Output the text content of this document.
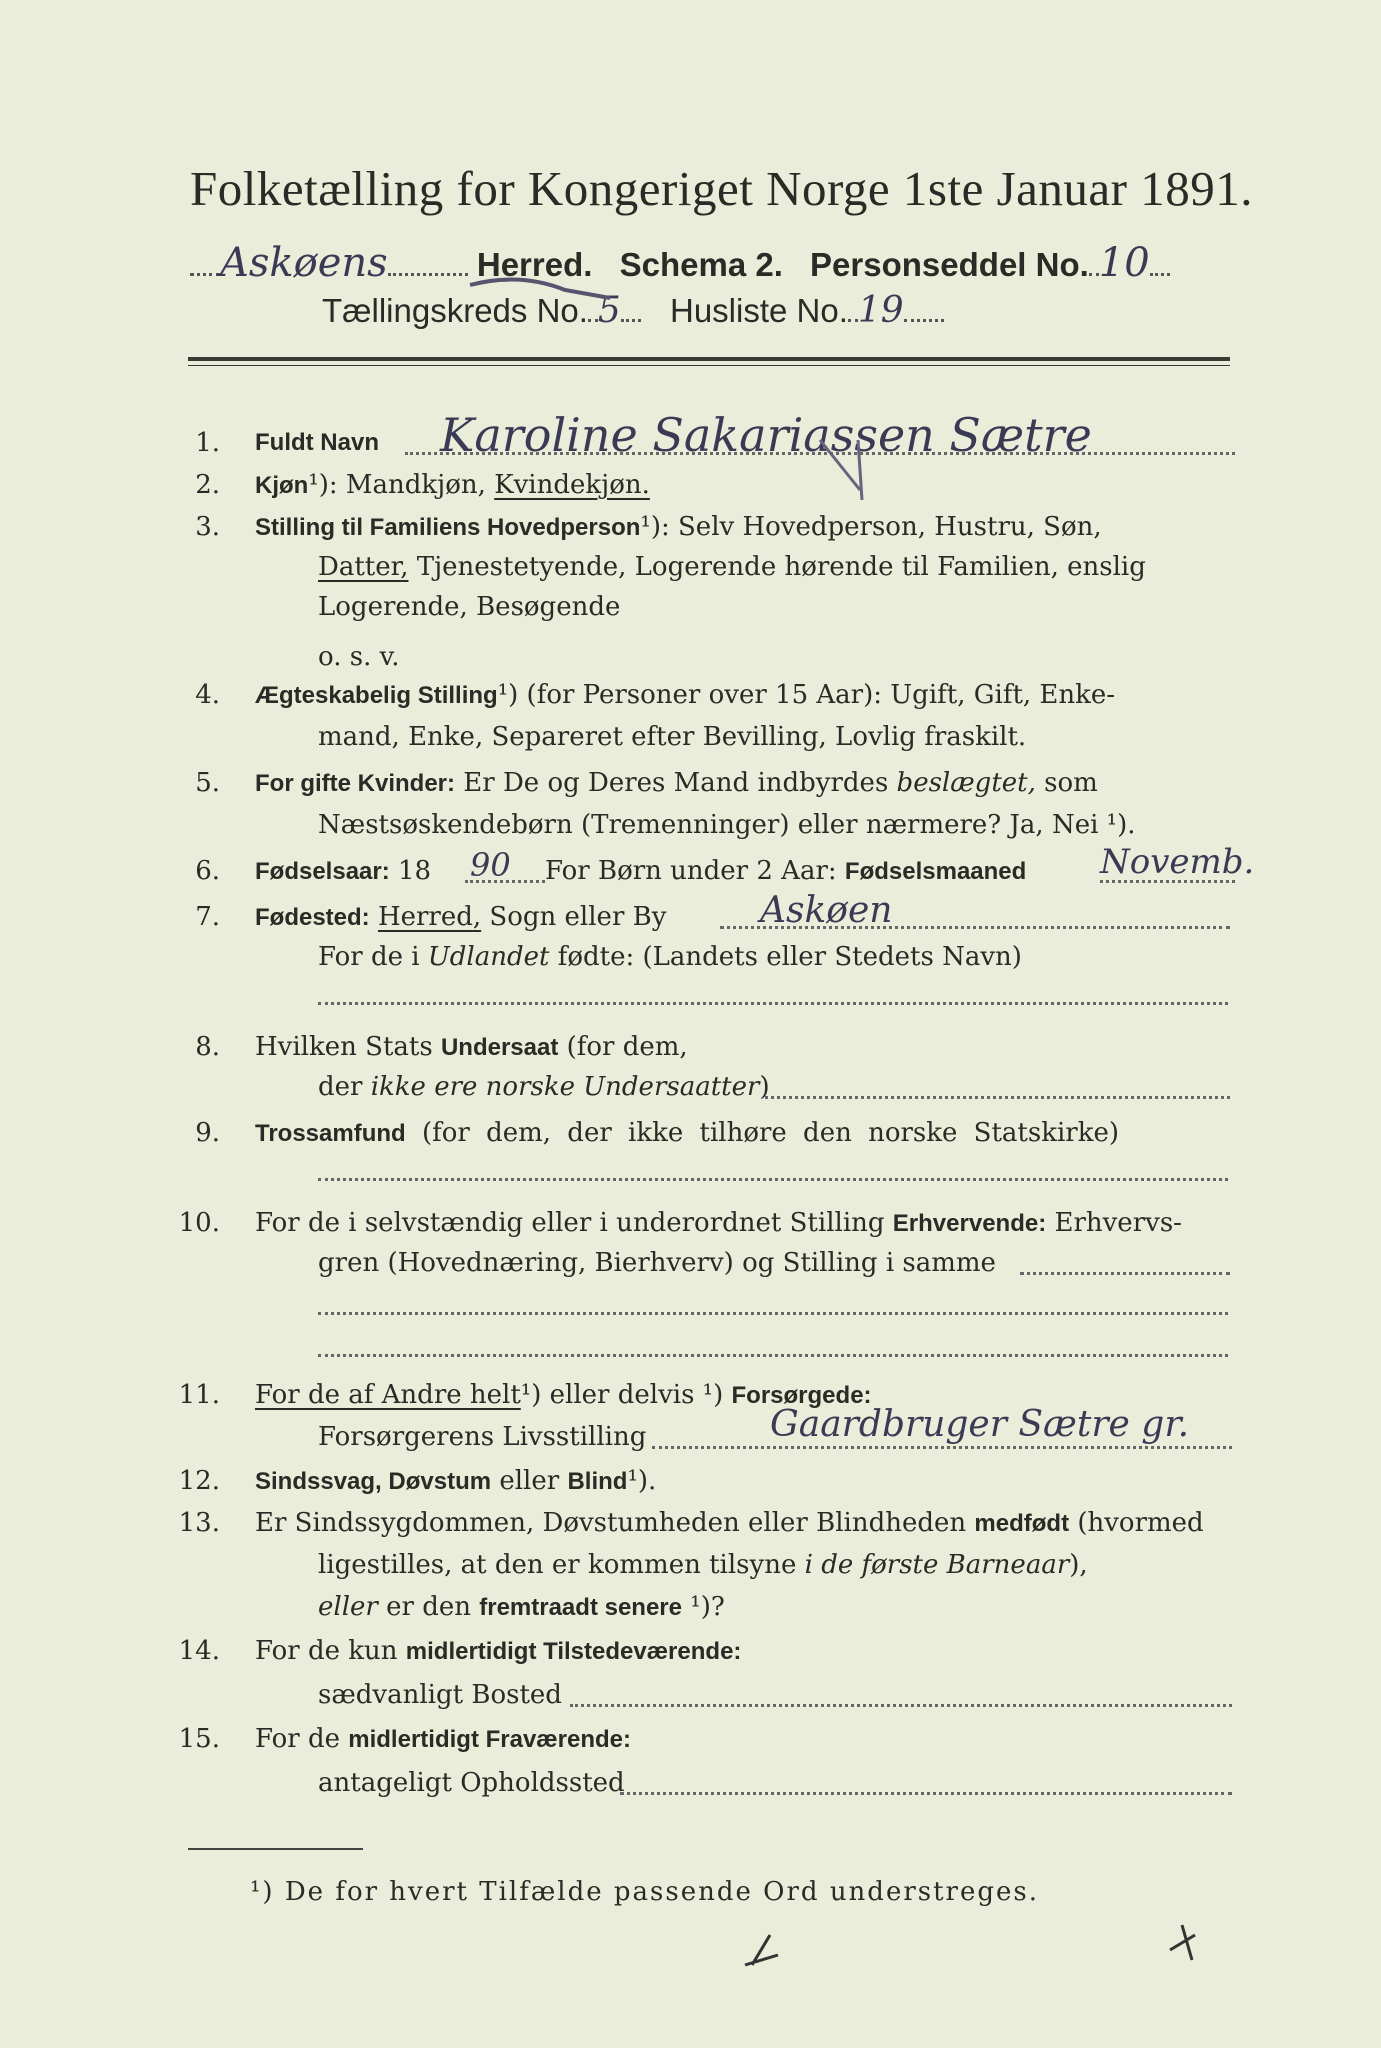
Folketælling for Kongeriget Norge 1ste Januar 1891.
Askøens	Herred. Schema 2. Personseddel No. 10
Tællingskreds No. 5 Husliste No. 19
1. Fuldt Navn Karoline Sakariassen Sætre
2. Kjøn¹): Mandkjøn, Kvindekjøn.
3. Stilling til Familiens Hovedperson¹): Selv Hovedperson, Hustru, Søn,
Datter, Tjenestetyende, Logerende hørende til Familien, enslig
Logerende, Besøgende
o. s. v.
4. Ægteskabelig Stilling¹) (for Personer over 15 Aar): Ugift, Gift, Enke-
mand, Enke, Separeret efter Bevilling, Lovlig fraskilt.
5. For gifte Kvinder: Er De og Deres Mand indbyrdes beslægtet, som
Næstsøskendebørn (Tremenninger) eller nærmere? Ja, Nei ¹).
6. Fødselsaar: 18 90 For Børn under 2 Aar: Fødselsmaaned Novemb.
7. Fødested: Herred, Sogn eller By	Askøen
For de i Udlandet fødte: (Landets eller Stedets Navn)
8. Hvilken Stats Undersaat (for dem,
der ikke ere norske Undersaatter)
9. Trossamfund (for dem, der ikke tilhøre den norske Statskirke)
10. For de i selvstændig eller i underordnet Stilling Erhvervende: Erhvervs-
gren (Hovednæring, Bierhverv) og Stilling i samme
11. For de af Andre helt¹) eller delvis ¹) Forsørgede:
Forsørgerens Livsstilling	Gaardbruger Sætre gr.
12. Sindssvag, Døvstum eller Blind¹).
13. Er Sindssygdommen, Døvstumheden eller Blindheden medfødt (hvormed
ligestilles, at den er kommen tilsyne i de første Barneaar),
eller er den fremtraadt senere ¹)?
14. For de kun midlertidigt Tilstedeværende:
sædvanligt Bosted
15. For de midlertidigt Fraværende:
antageligt Opholdssted
¹) De for hvert Tilfælde passende Ord understreges.
